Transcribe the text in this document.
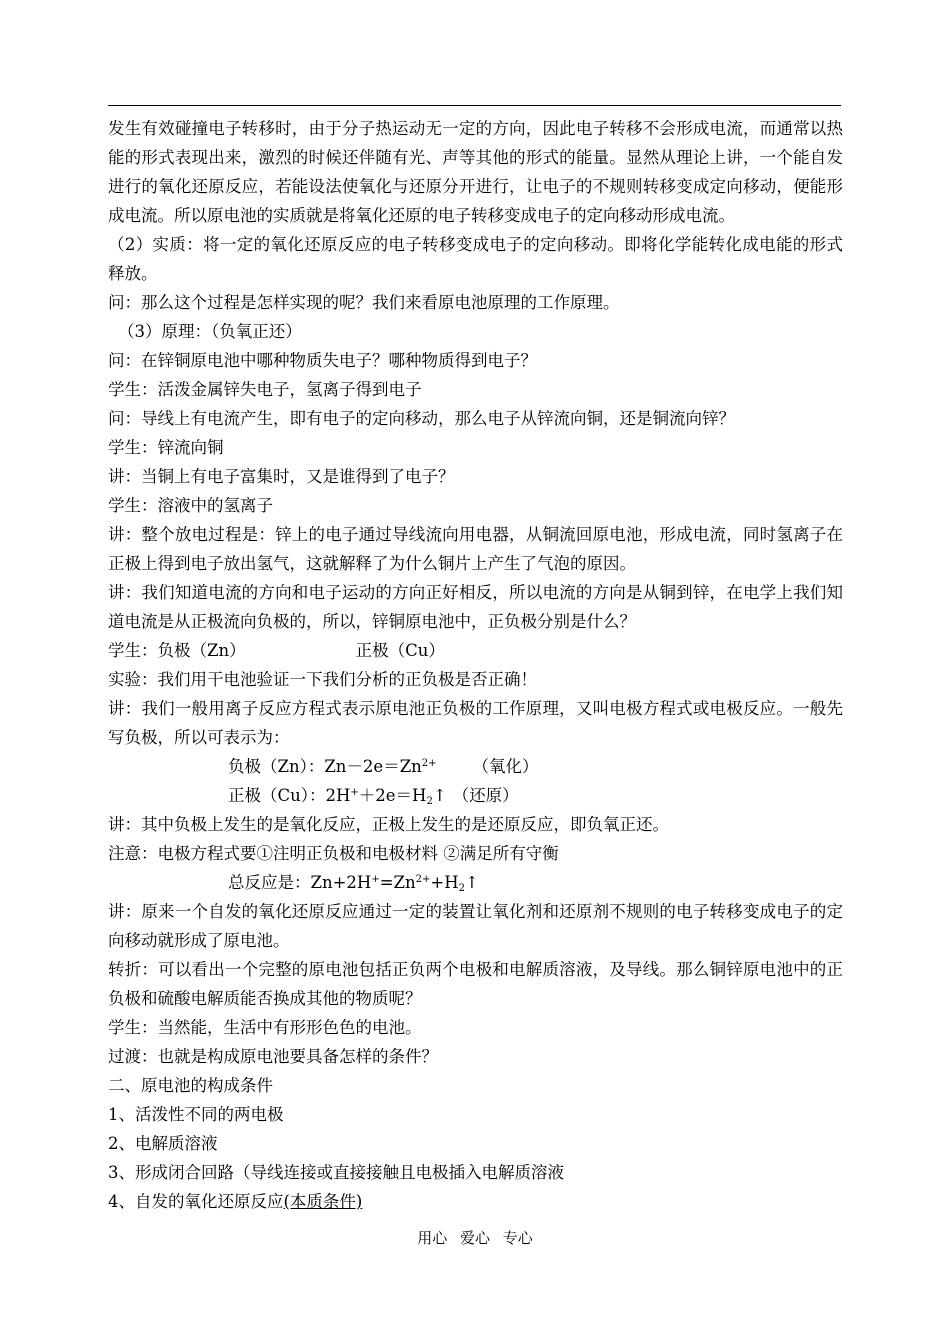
发生有效碰撞电子转移时，由于分子热运动无一定的方向，因此电子转移不会形成电流，而通常以热能的形式表现出来，激烈的时候还伴随有光、声等其他的形式的能量。显然从理论上讲，一个能自发进行的氧化还原反应，若能设法使氧化与还原分开进行，让电子的不规则转移变成定向移动，便能形成电流。所以原电池的实质就是将氧化还原的电子转移变成电子的定向移动形成电流。

（2）实质：将一定的氧化还原反应的电子转移变成电子的定向移动。即将化学能转化成电能的形式释放。

问：那么这个过程是怎样实现的呢？我们来看原电池原理的工作原理。

（3）原理：（负氧正还）

问：在锌铜原电池中哪种物质失电子？哪种物质得到电子？

学生：活泼金属锌失电子，氢离子得到电子

问：导线上有电流产生，即有电子的定向移动，那么电子从锌流向铜，还是铜流向锌？

学生：锌流向铜

讲：当铜上有电子富集时，又是谁得到了电子？

学生：溶液中的氢离子

讲：整个放电过程是：锌上的电子通过导线流向用电器，从铜流回原电池，形成电流，同时氢离子在正极上得到电子放出氢气，这就解释了为什么铜片上产生了气泡的原因。

讲：我们知道电流的方向和电子运动的方向正好相反，所以电流的方向是从铜到锌，在电学上我们知道电流是从正极流向负极的，所以，锌铜原电池中，正负极分别是什么？

学生：负极（Zn）	正极（Cu）

实验：我们用干电池验证一下我们分析的正负极是否正确！

讲：我们一般用离子反应方程式表示原电池正负极的工作原理，又叫电极方程式或电极反应。一般先写负极，所以可表示为：

负极（Zn）：$Zn-2e=Zn^{2+}$ （氧化）

正极（Cu）：$2H^++2e=H_2↑$ （还原）

讲：其中负极上发生的是氧化反应，正极上发生的是还原反应，即负氧正还。

注意：电极方程式要①注明正负极和电极材料 ②满足所有守衡

总反应是：$Zn+2H^+=Zn^{2+}+H_2↑$

讲：原来一个自发的氧化还原反应通过一定的装置让氧化剂和还原剂不规则的电子转移变成电子的定向移动就形成了原电池。

转折：可以看出一个完整的原电池包括正负两个电极和电解质溶液，及导线。那么铜锌原电池中的正负极和硫酸电解质能否换成其他的物质呢？

学生：当然能，生活中有形形色色的电池。

过渡：也就是构成原电池要具备怎样的条件？

二、原电池的构成条件

1、活泼性不同的两电极

2、电解质溶液

3、形成闭合回路（导线连接或直接接触且电极插入电解质溶液

4、自发的氧化还原反应(本质条件)

用心 爱心 专心
